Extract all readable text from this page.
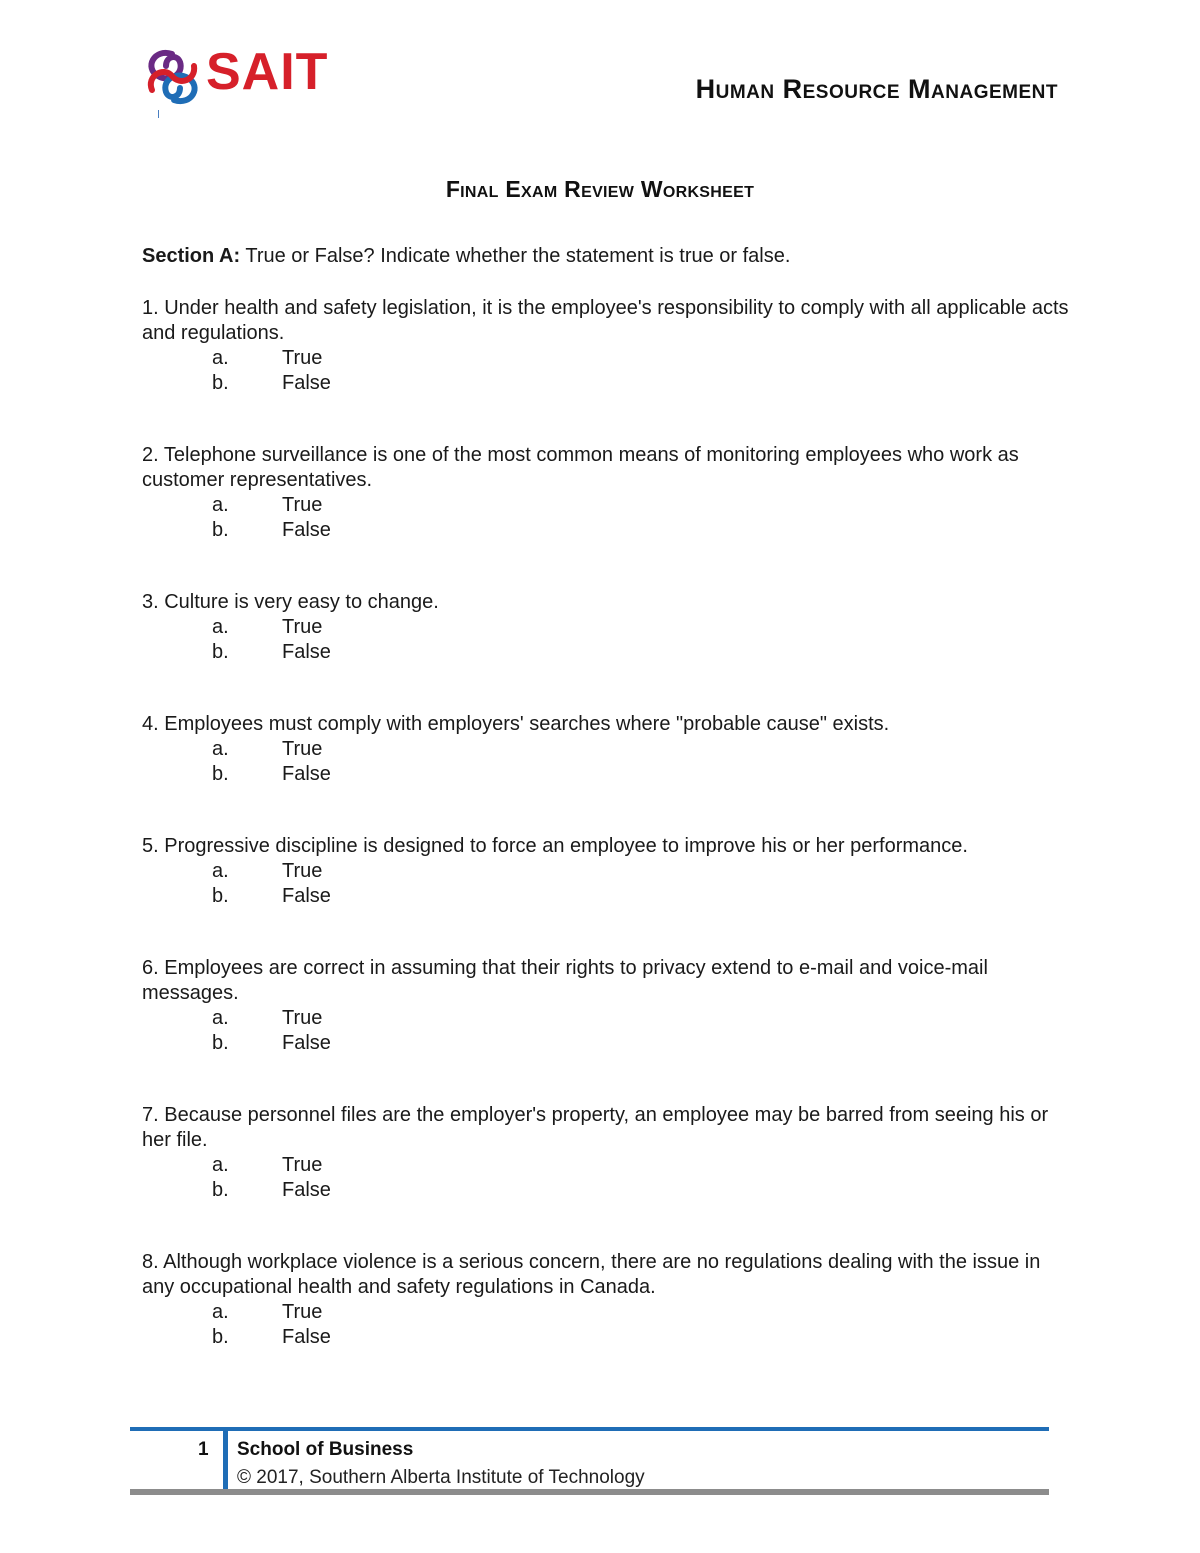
SAIT	Human Resource Management
Final Exam Review Worksheet

Section A: True or False? Indicate whether the statement is true or false.

1. Under health and safety legislation, it is the employee's responsibility to comply with all applicable acts and regulations.

a.	True
b.	False

2. Telephone surveillance is one of the most common means of monitoring employees who work as customer representatives.

a.	True
b.	False

3. Culture is very easy to change.

a.	True
b.	False

4. Employees must comply with employers' searches where "probable cause" exists.

a.	True
b.	False

5. Progressive discipline is designed to force an employee to improve his or her performance.

a.	True
b.	False

6. Employees are correct in assuming that their rights to privacy extend to e-mail and voice-mail messages.

a.	True
b.	False

7. Because personnel files are the employer's property, an employee may be barred from seeing his or her file.

a.	True
b.	False

8. Although workplace violence is a serious concern, there are no regulations dealing with the issue in any occupational health and safety regulations in Canada.

a.	True
b.	False
1 School of Business
© 2017, Southern Alberta Institute of Technology
